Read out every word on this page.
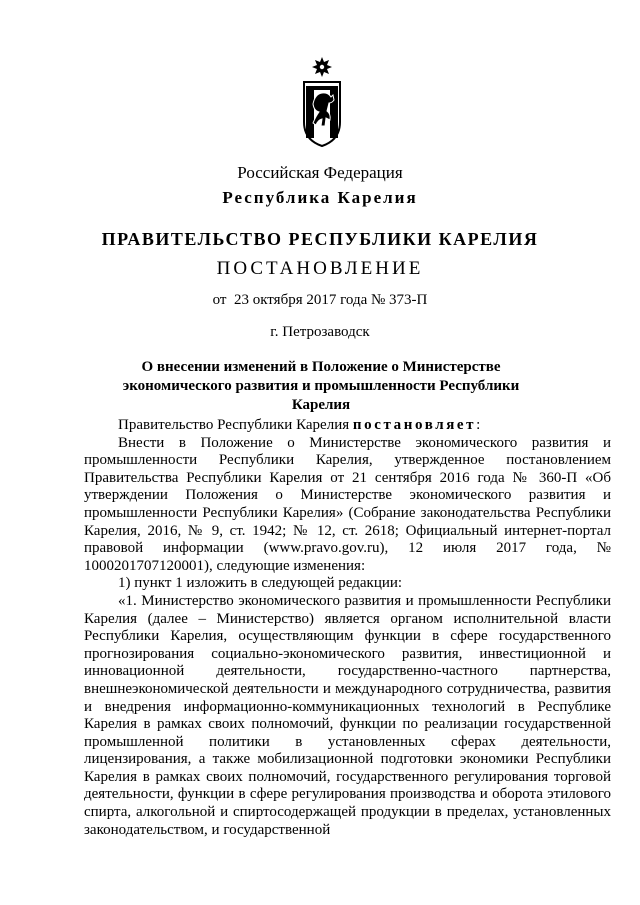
Российская Федерация
Республика Карелия
ПРАВИТЕЛЬСТВО РЕСПУБЛИКИ КАРЕЛИЯ
ПОСТАНОВЛЕНИЕ
от  23 октября 2017 года № 373-П
г. Петрозаводск
О внесении изменений в Положение о Министерстве экономического развития и промышленности Республики Карелия

Правительство Республики Карелия постановляет:

Внести в Положение о Министерстве экономического развития и промышленности Республики Карелия, утвержденное постановлением Правительства Республики Карелия от 21 сентября 2016 года № 360-П «Об утверждении Положения о Министерстве экономического развития и промышленности Республики Карелия» (Собрание законодательства Республики Карелия, 2016, № 9, ст. 1942; № 12, ст. 2618; Официальный интернет-портал правовой информации (www.pravo.gov.ru), 12 июля 2017 года, № 1000201707120001), следующие изменения:

1) пункт 1 изложить в следующей редакции:

«1. Министерство экономического развития и промышленности Республики Карелия (далее – Министерство) является органом исполнительной власти Республики Карелия, осуществляющим функции в сфере государственного прогнозирования социально-экономического развития, инвестиционной и инновационной деятельности, государственно-частного партнерства, внешнеэкономической деятельности и международного сотрудничества, развития и внедрения информационно-коммуникационных технологий в Республике Карелия в рамках своих полномочий, функции по реализации государственной промышленной политики в установленных сферах деятельности, лицензирования, а также мобилизационной подготовки экономики Республики Карелия в рамках своих полномочий, государственного регулирования торговой деятельности, функции в сфере регулирования производства и оборота этилового спирта, алкогольной и спиртосодержащей продукции в пределах, установленных законодательством, и государственной
